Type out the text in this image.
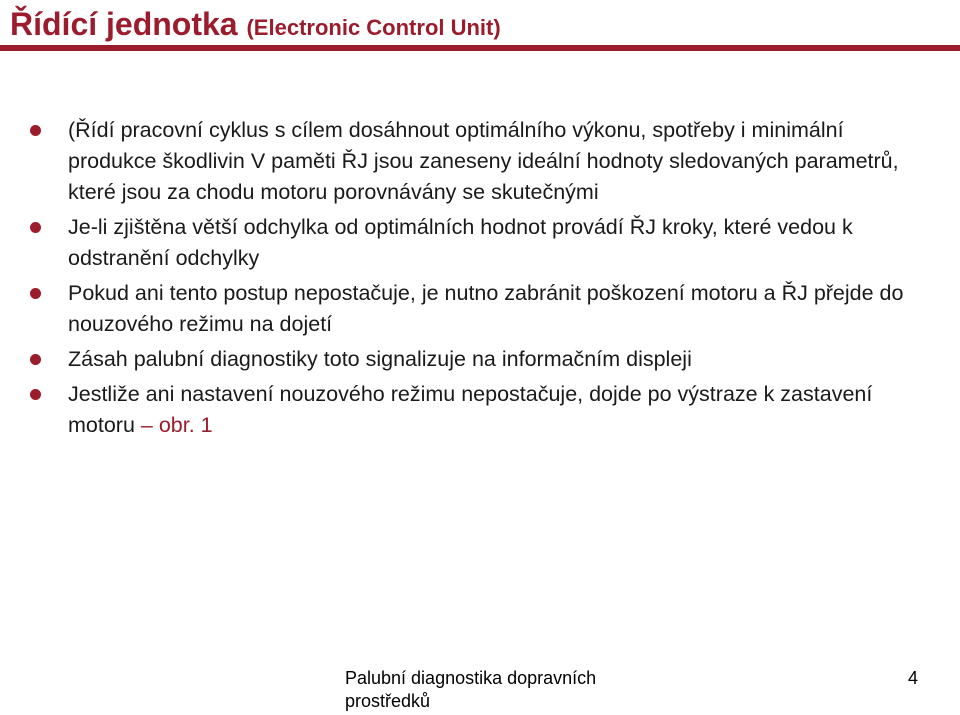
Řídící jednotka (Electronic Control Unit)
(Řídí pracovní cyklus s cílem dosáhnout optimálního výkonu, spotřeby i minimální produkce škodlivin V paměti ŘJ jsou zaneseny ideální hodnoty sledovaných parametrů, které jsou za chodu motoru porovnávány se skutečnými
Je-li zjištěna větší odchylka od optimálních hodnot provádí ŘJ kroky, které vedou k odstranění odchylky
Pokud ani tento postup nepostačuje, je nutno zabránit poškození motoru a ŘJ přejde do nouzového režimu na dojetí
Zásah palubní diagnostiky toto signalizuje na informačním displeji
Jestliže ani nastavení nouzového režimu nepostačuje, dojde po výstraze k zastavení motoru – obr. 1
Palubní diagnostika dopravních prostředků
4
